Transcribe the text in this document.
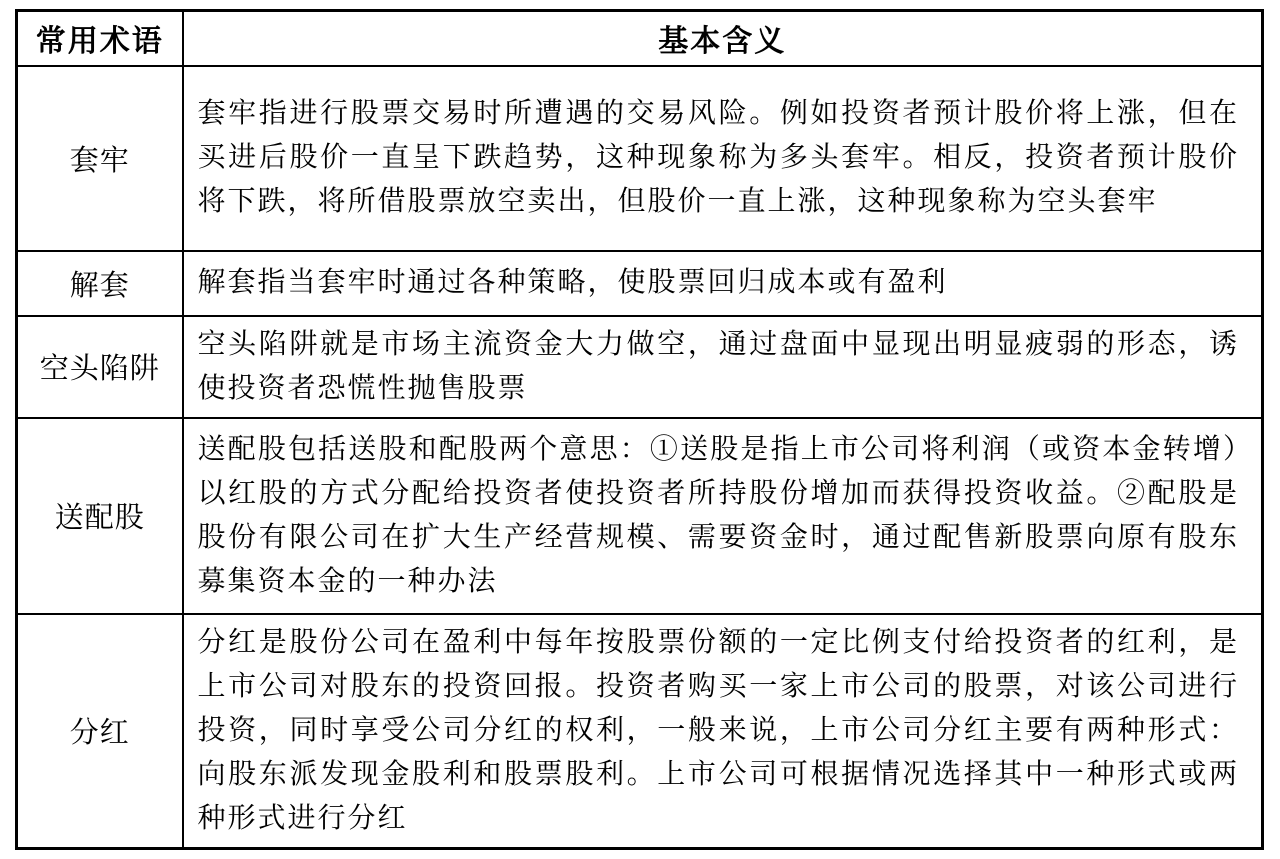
常用术语	基本含义
套牢	套牢指进行股票交易时所遭遇的交易风险。例如投资者预计股价将上涨，但在买进后股价一直呈下跌趋势，这种现象称为多头套牢。相反，投资者预计股价将下跌，将所借股票放空卖出，但股价一直上涨，这种现象称为空头套牢
解套	解套指当套牢时通过各种策略，使股票回归成本或有盈利
空头陷阱	空头陷阱就是市场主流资金大力做空，通过盘面中显现出明显疲弱的形态，诱使投资者恐慌性抛售股票
送配股	送配股包括送股和配股两个意思：①送股是指上市公司将利润（或资本金转增）以红股的方式分配给投资者使投资者所持股份增加而获得投资收益。②配股是股份有限公司在扩大生产经营规模、需要资金时，通过配售新股票向原有股东募集资本金的一种办法
分红	分红是股份公司在盈利中每年按股票份额的一定比例支付给投资者的红利，是上市公司对股东的投资回报。投资者购买一家上市公司的股票，对该公司进行投资，同时享受公司分红的权利，一般来说，上市公司分红主要有两种形式：向股东派发现金股利和股票股利。上市公司可根据情况选择其中一种形式或两种形式进行分红
